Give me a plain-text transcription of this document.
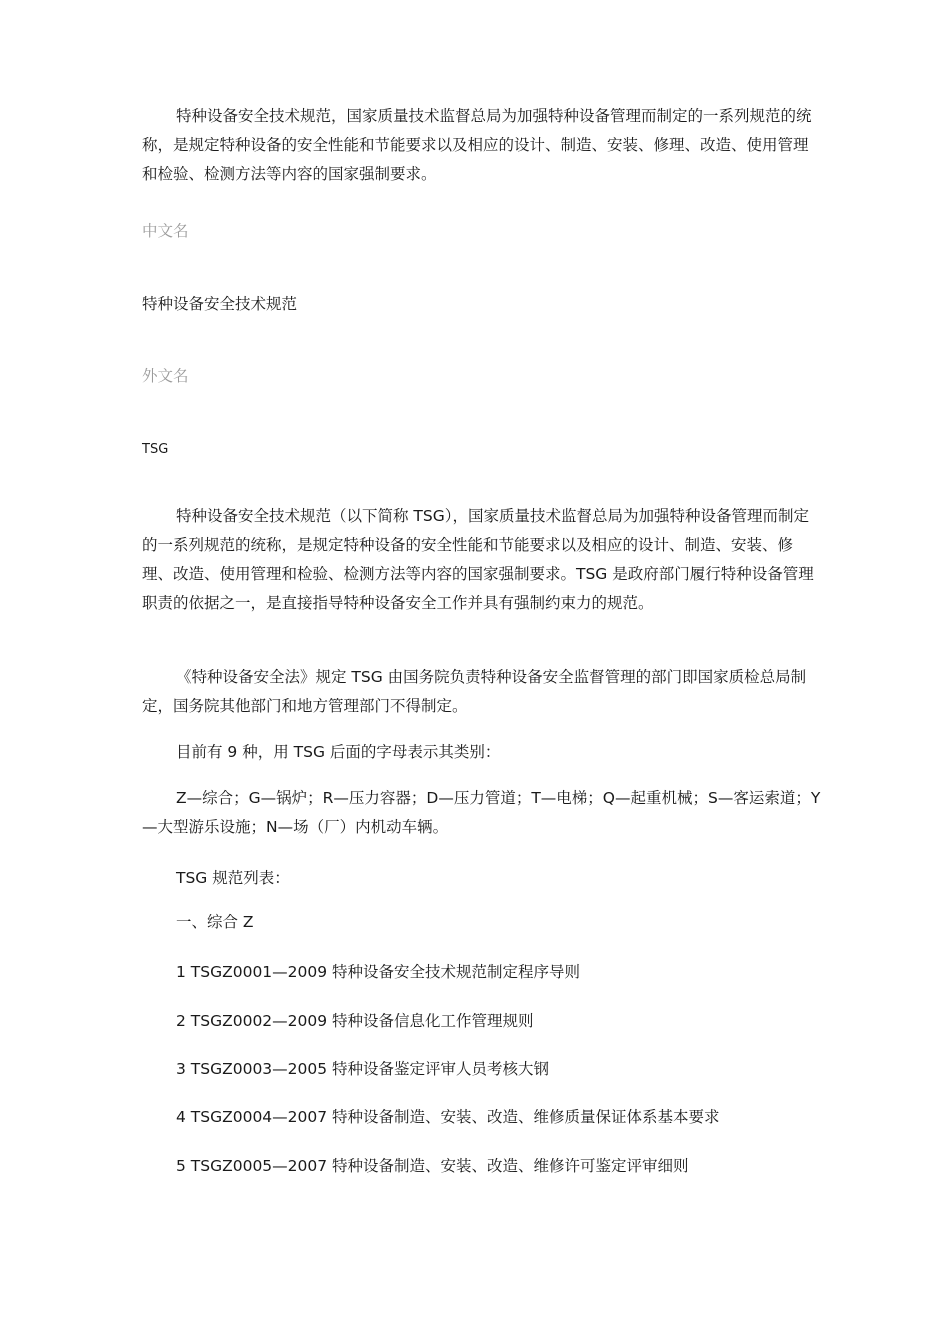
特种设备安全技术规范，国家质量技术监督总局为加强特种设备管理而制定的一系列规范的统称，是规定特种设备的安全性能和节能要求以及相应的设计、制造、安装、修理、改造、使用管理和检验、检测方法等内容的国家强制要求。

中文名

特种设备安全技术规范

外文名

TSG

特种设备安全技术规范（以下简称 TSG），国家质量技术监督总局为加强特种设备管理而制定的一系列规范的统称，是规定特种设备的安全性能和节能要求以及相应的设计、制造、安装、修理、改造、使用管理和检验、检测方法等内容的国家强制要求。TSG 是政府部门履行特种设备管理职责的依据之一，是直接指导特种设备安全工作并具有强制约束力的规范。

《特种设备安全法》规定 TSG 由国务院负责特种设备安全监督管理的部门即国家质检总局制定，国务院其他部门和地方管理部门不得制定。

目前有 9 种，用 TSG 后面的字母表示其类别：

Z—综合；G—锅炉；R—压力容器；D—压力管道；T—电梯；Q—起重机械；S—客运索道；Y—大型游乐设施；N—场（厂）内机动车辆。

TSG 规范列表：

一、综合 Z

1 TSGZ0001—2009 特种设备安全技术规范制定程序导则

2 TSGZ0002—2009 特种设备信息化工作管理规则

3 TSGZ0003—2005 特种设备鉴定评审人员考核大钢

4 TSGZ0004—2007 特种设备制造、安装、改造、维修质量保证体系基本要求

5 TSGZ0005—2007 特种设备制造、安装、改造、维修许可鉴定评审细则
